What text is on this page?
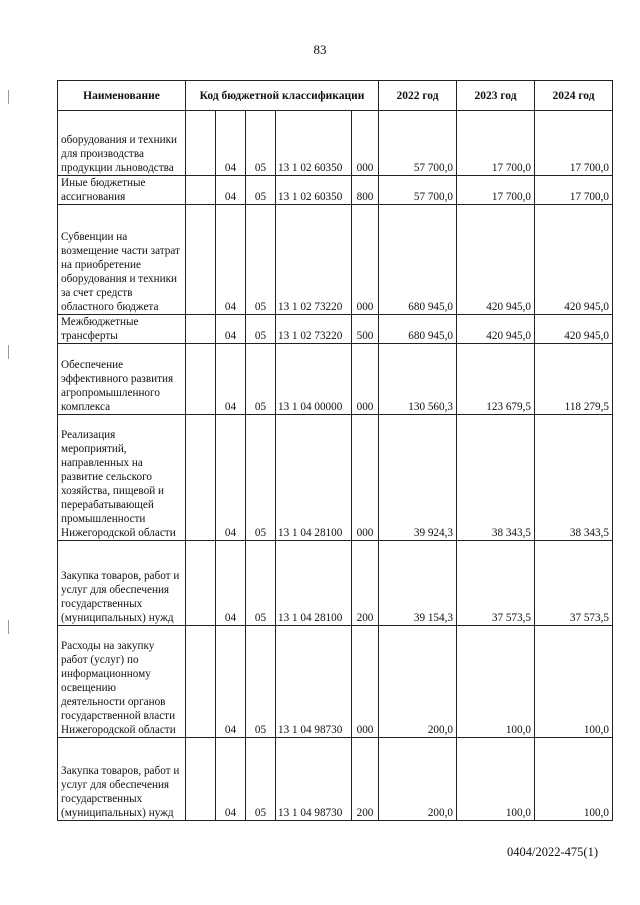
83
Наименование	Код бюджетной классификации					2022 год	2023 год	2024 год
оборудования и техники для производства продукции льноводства		04	05	13 1 02 60350	000	57 700,0	17 700,0	17 700,0
Иные бюджетные ассигнования		04	05	13 1 02 60350	800	57 700,0	17 700,0	17 700,0
Субвенции на возмещение части затрат на приобретение оборудования и техники за счет средств областного бюджета		04	05	13 1 02 73220	000	680 945,0	420 945,0	420 945,0
Межбюджетные трансферты		04	05	13 1 02 73220	500	680 945,0	420 945,0	420 945,0
Обеспечение эффективного развития агропромышленного комплекса		04	05	13 1 04 00000	000	130 560,3	123 679,5	118 279,5
Реализация мероприятий, направленных на развитие сельского хозяйства, пищевой и перерабатывающей промышленности Нижегородской области		04	05	13 1 04 28100	000	39 924,3	38 343,5	38 343,5
Закупка товаров, работ и услуг для обеспечения государственных (муниципальных) нужд		04	05	13 1 04 28100	200	39 154,3	37 573,5	37 573,5
Расходы на закупку работ (услуг) по информационному освещению деятельности органов государственной власти Нижегородской области		04	05	13 1 04 98730	000	200,0	100,0	100,0
Закупка товаров, работ и услуг для обеспечения государственных (муниципальных) нужд		04	05	13 1 04 98730	200	200,0	100,0	100,0
0404/2022-475(1)
